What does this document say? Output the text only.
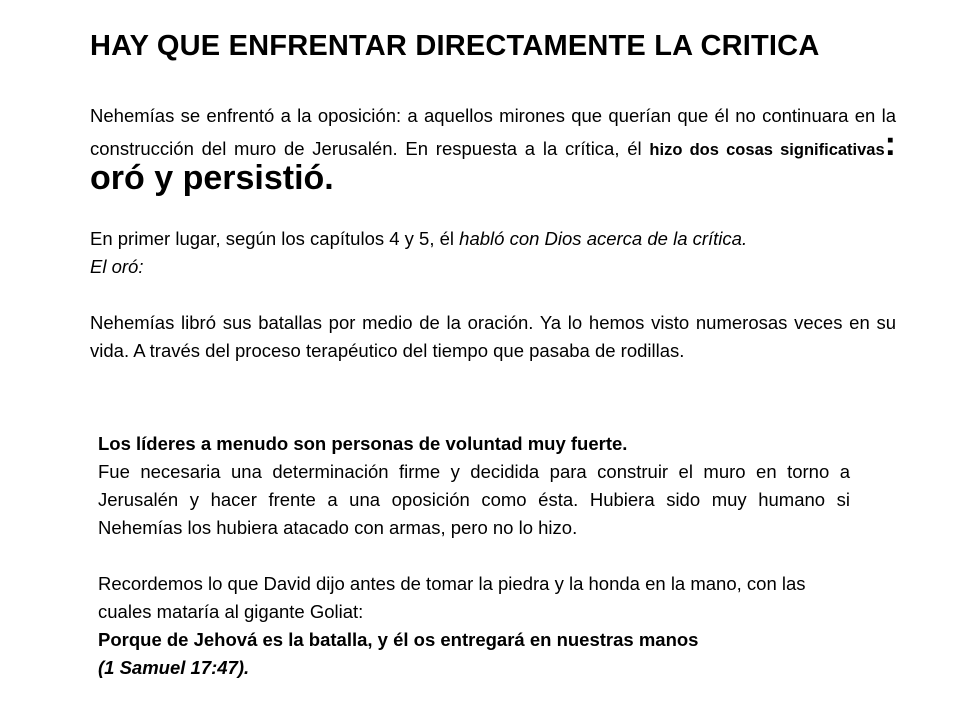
HAY QUE ENFRENTAR DIRECTAMENTE LA CRITICA

Nehemías se enfrentó a la oposición: a aquellos mirones que querían que él no continuara en la construcción del muro de Jerusalén. En respuesta a la crítica, él hizo dos cosas significativas: oró y persistió.

En primer lugar, según los capítulos 4 y 5, él habló con Dios acerca de la crítica.

El oró:

Nehemías libró sus batallas por medio de la oración. Ya lo hemos visto numerosas veces en su vida. A través del proceso terapéutico del tiempo que pasaba de rodillas.

Los líderes a menudo son personas de voluntad muy fuerte.

Fue necesaria una determinación firme y decidida para construir el muro en torno a Jerusalén y hacer frente a una oposición como ésta. Hubiera sido muy humano si Nehemías los hubiera atacado con armas, pero no lo hizo.

Recordemos lo que David dijo antes de tomar la piedra y la honda en la mano, con las cuales mataría al gigante Goliat:

Porque de Jehová es la batalla, y él os entregará en nuestras manos

(1 Samuel 17:47).
